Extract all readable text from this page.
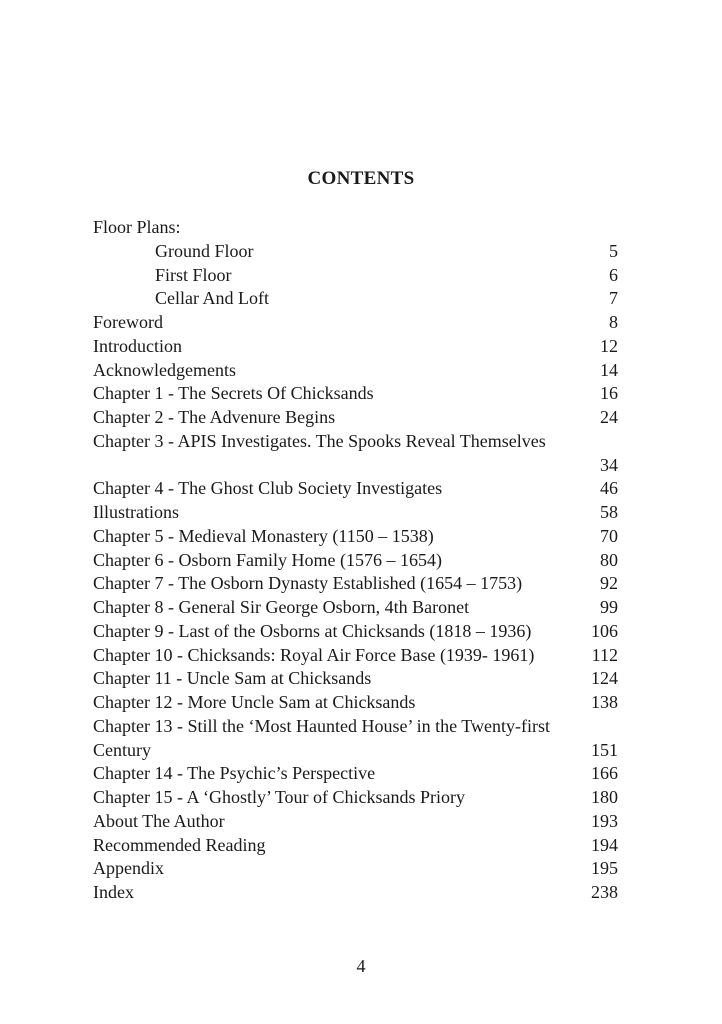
CONTENTS
Floor Plans:
Ground Floor	5
First Floor	6
Cellar And Loft	7
Foreword	8
Introduction	12
Acknowledgements	14
Chapter 1 - The Secrets Of Chicksands	16
Chapter 2 - The Advenure Begins	24
Chapter 3 - APIS Investigates. The Spooks Reveal Themselves
34
Chapter 4 - The Ghost Club Society Investigates	46
Illustrations	58
Chapter 5 - Medieval Monastery (1150 – 1538)	70
Chapter 6 - Osborn Family Home (1576 – 1654)	80
Chapter 7 - The Osborn Dynasty Established (1654 – 1753)	92
Chapter 8 - General Sir George Osborn, 4th Baronet	99
Chapter 9 - Last of the Osborns at Chicksands (1818 – 1936)	106
Chapter 10 - Chicksands: Royal Air Force Base (1939- 1961)	112
Chapter 11 - Uncle Sam at Chicksands	124
Chapter 12 - More Uncle Sam at Chicksands	138
Chapter 13 - Still the ‘Most Haunted House’ in the Twenty-first
Century	151
Chapter 14 - The Psychic’s Perspective	166
Chapter 15 - A ‘Ghostly’ Tour of Chicksands Priory	180
About The Author	193
Recommended Reading	194
Appendix	195
Index	238
4
